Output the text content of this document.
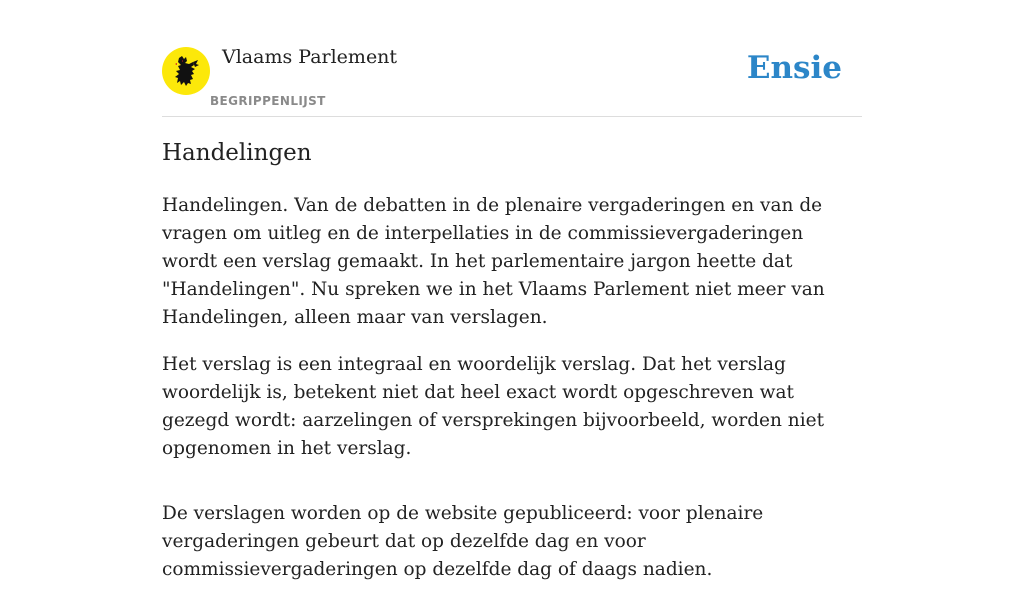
Vlaams Parlement
BEGRIPPENLIJST
Ensie
Handelingen

Handelingen. Van de debatten in de plenaire vergaderingen en van de vragen om uitleg en de interpellaties in de commissievergaderingen wordt een verslag gemaakt. In het parlementaire jargon heette dat "Handelingen". Nu spreken we in het Vlaams Parlement niet meer van Handelingen, alleen maar van verslagen.

Het verslag is een integraal en woordelijk verslag. Dat het verslag woordelijk is, betekent niet dat heel exact wordt opgeschreven wat gezegd wordt: aarzelingen of versprekingen bijvoorbeeld, worden niet opgenomen in het verslag.

De verslagen worden op de website gepubliceerd: voor plenaire vergaderingen gebeurt dat op dezelfde dag en voor commissievergaderingen op dezelfde dag of daags nadien.
